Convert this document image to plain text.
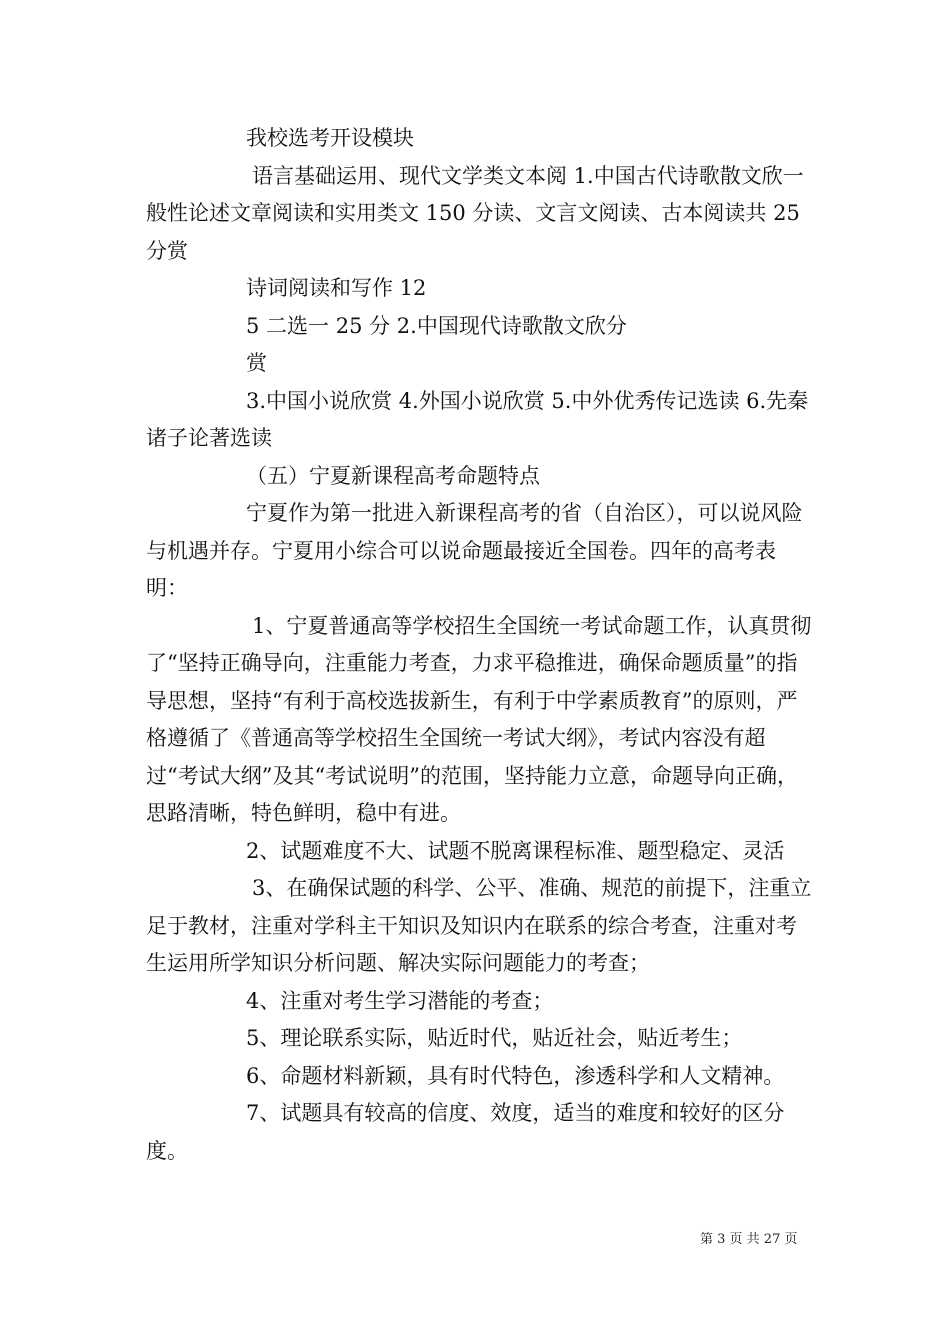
我校选考开设模块

语言基础运用、现代文学类文本阅 1.中国古代诗歌散文欣一般性论述文章阅读和实用类文 150 分读、文言文阅读、古本阅读共 25 分赏

诗词阅读和写作 12

5 二选一 25 分 2.中国现代诗歌散文欣分

赏

3.中国小说欣赏 4.外国小说欣赏 5.中外优秀传记选读 6.先秦诸子论著选读

（五）宁夏新课程高考命题特点

宁夏作为第一批进入新课程高考的省（自治区），可以说风险与机遇并存。宁夏用小综合可以说命题最接近全国卷。四年的高考表明：

1、宁夏普通高等学校招生全国统一考试命题工作，认真贯彻了“坚持正确导向，注重能力考查，力求平稳推进，确保命题质量”的指导思想，坚持“有利于高校选拔新生，有利于中学素质教育”的原则，严格遵循了《普通高等学校招生全国统一考试大纲》，考试内容没有超过“考试大纲”及其“考试说明”的范围，坚持能力立意，命题导向正确，思路清晰，特色鲜明，稳中有进。

2、试题难度不大、试题不脱离课程标准、题型稳定、灵活

3、在确保试题的科学、公平、准确、规范的前提下，注重立足于教材，注重对学科主干知识及知识内在联系的综合考查，注重对考生运用所学知识分析问题、解决实际问题能力的考查；

4、注重对考生学习潜能的考查；

5、理论联系实际，贴近时代，贴近社会，贴近考生；

6、命题材料新颖，具有时代特色，渗透科学和人文精神。

7、试题具有较高的信度、效度，适当的难度和较好的区分度。

第 3 页 共 27 页
